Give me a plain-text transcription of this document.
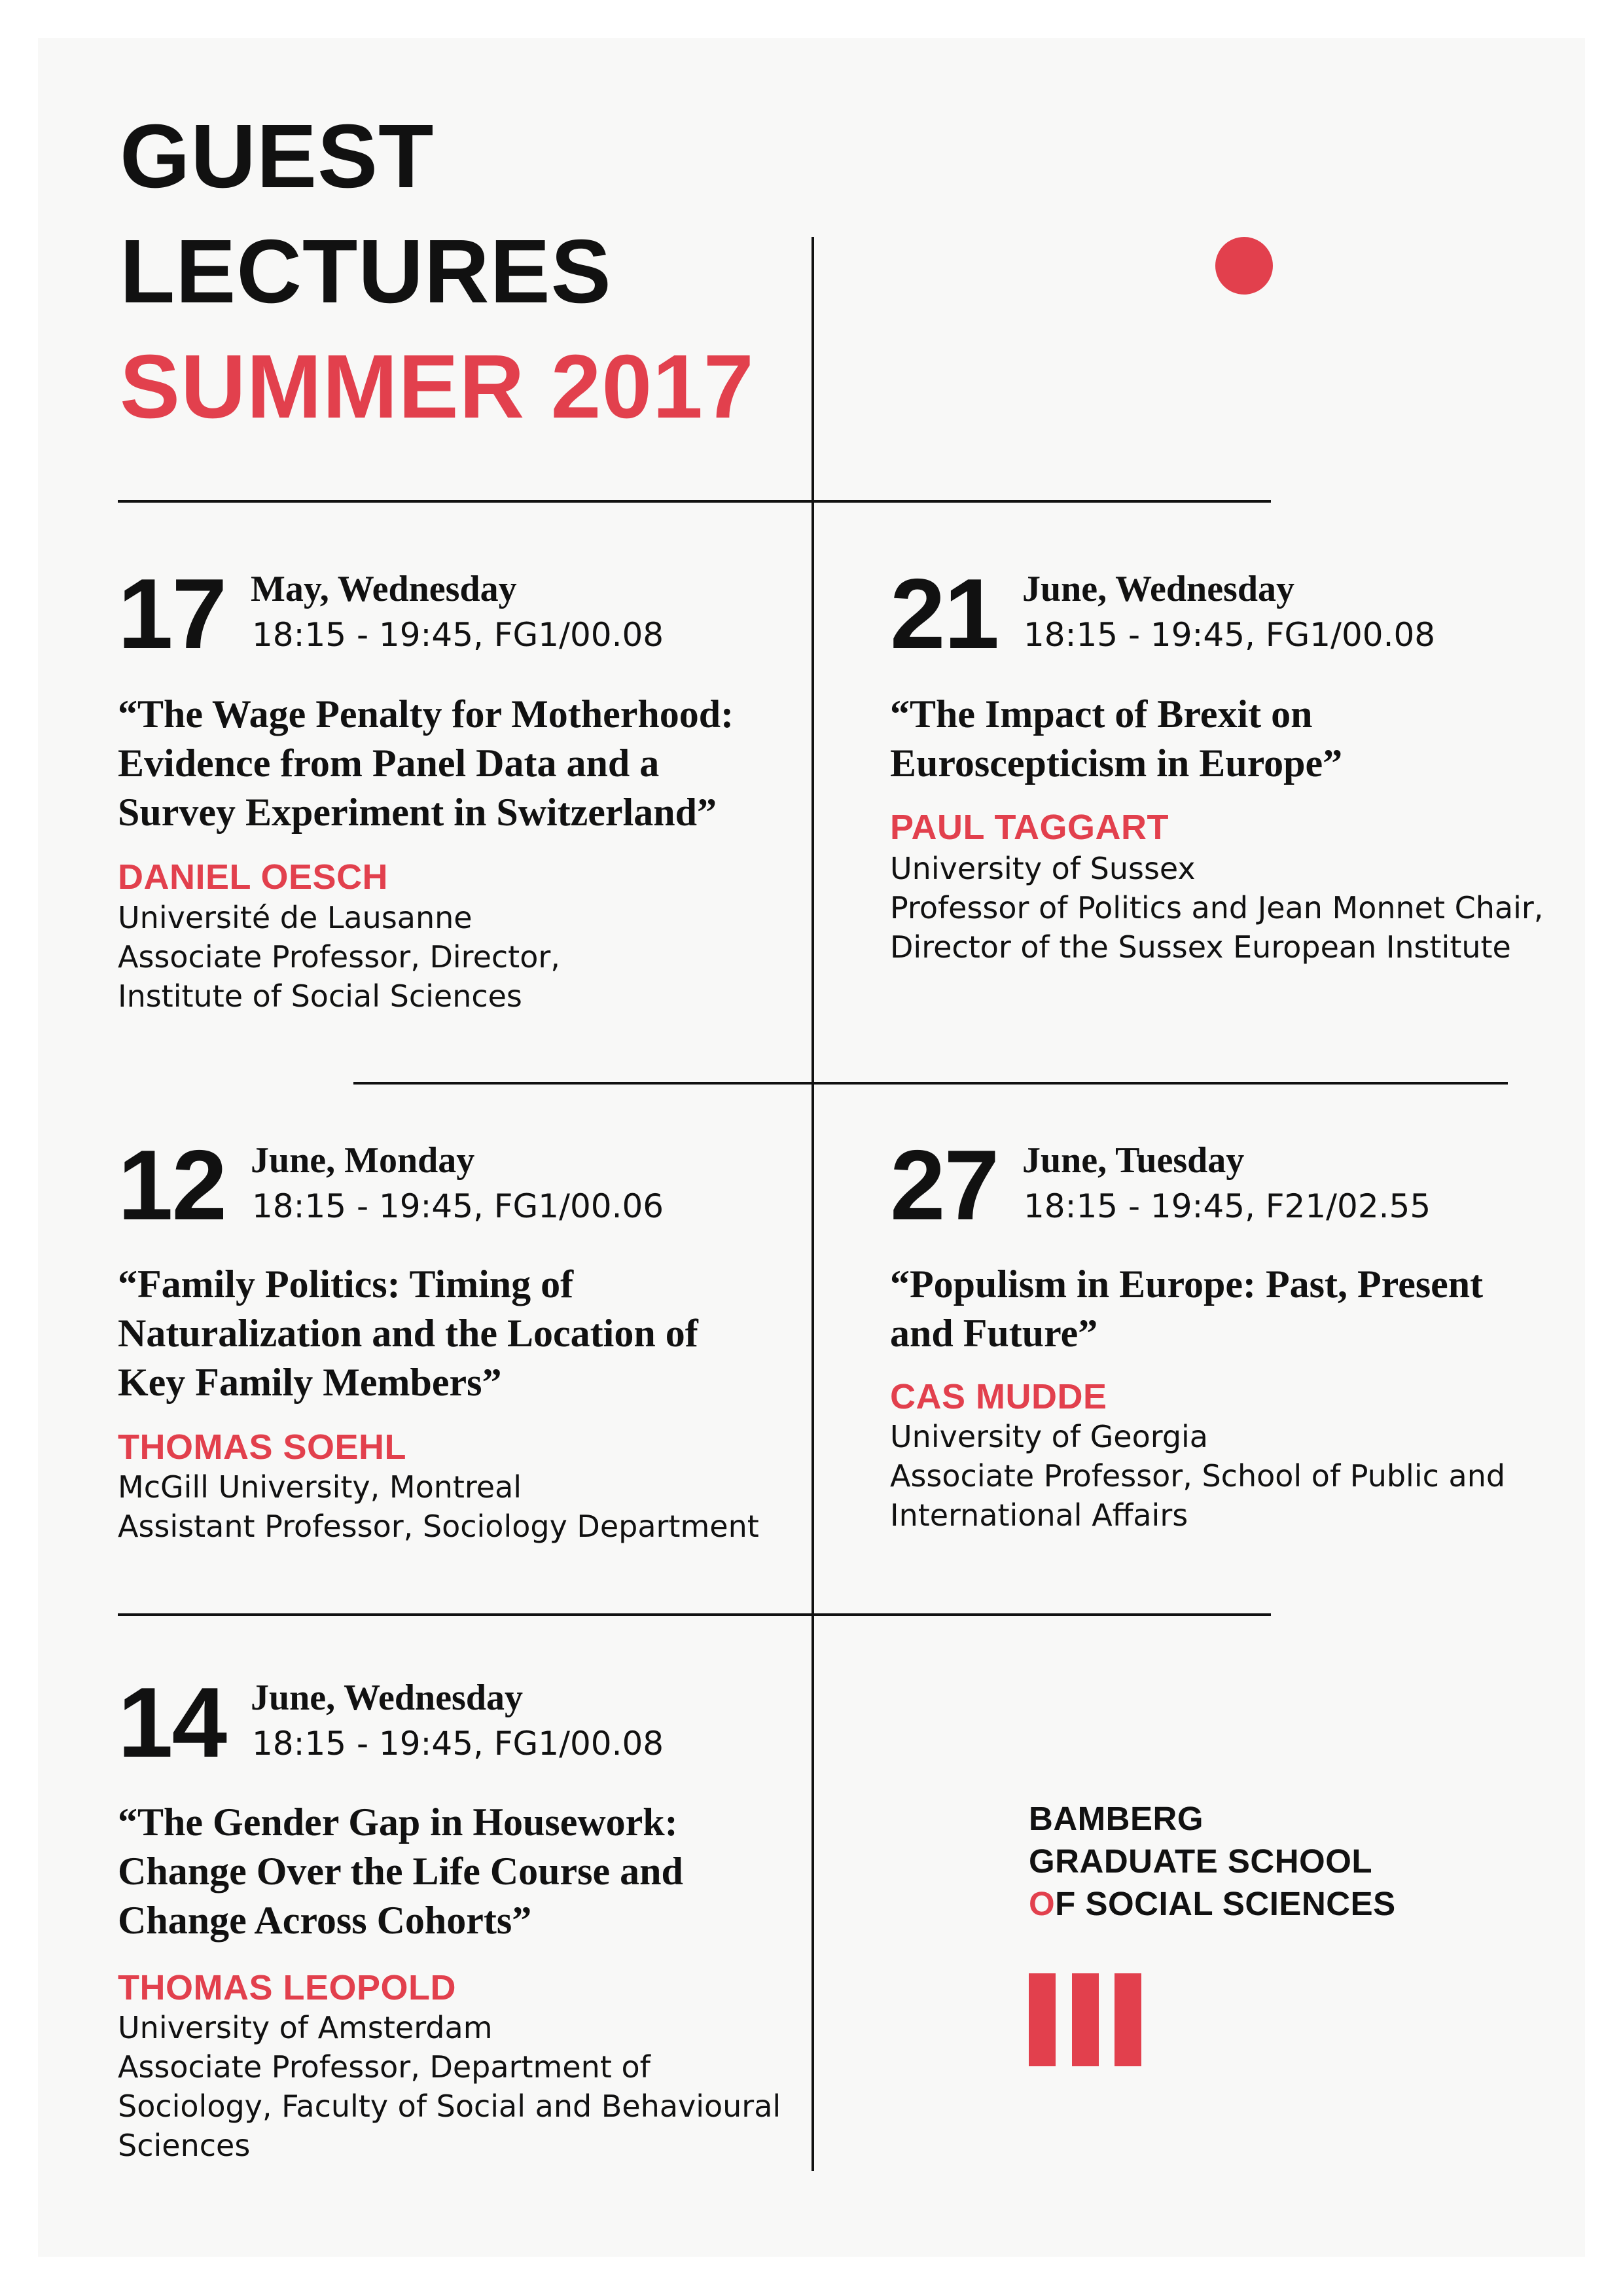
GUEST
LECTURES
SUMMER 2017
17 May, Wednesday
18:15 - 19:45, FG1/00.08
“The Wage Penalty for Motherhood:
Evidence from Panel Data and a
Survey Experiment in Switzerland”
DANIEL OESCH
Université de Lausanne
Associate Professor, Director,
Institute of Social Sciences
21 June, Wednesday
18:15 - 19:45, FG1/00.08
“The Impact of Brexit on
Euroscepticism in Europe”
PAUL TAGGART
University of Sussex
Professor of Politics and Jean Monnet Chair,
Director of the Sussex European Institute
12 June, Monday
18:15 - 19:45, FG1/00.06
“Family Politics: Timing of
Naturalization and the Location of
Key Family Members”
THOMAS SOEHL
McGill University, Montreal
Assistant Professor, Sociology Department
27 June, Tuesday
18:15 - 19:45, F21/02.55
“Populism in Europe: Past, Present
and Future”
CAS MUDDE
University of Georgia
Associate Professor, School of Public and
International Affairs
14 June, Wednesday
18:15 - 19:45, FG1/00.08
“The Gender Gap in Housework:
Change Over the Life Course and
Change Across Cohorts”
THOMAS LEOPOLD
University of Amsterdam
Associate Professor, Department of
Sociology, Faculty of Social and Behavioural
Sciences
BAMBERG
GRADUATE SCHOOL
OF SOCIAL SCIENCES
